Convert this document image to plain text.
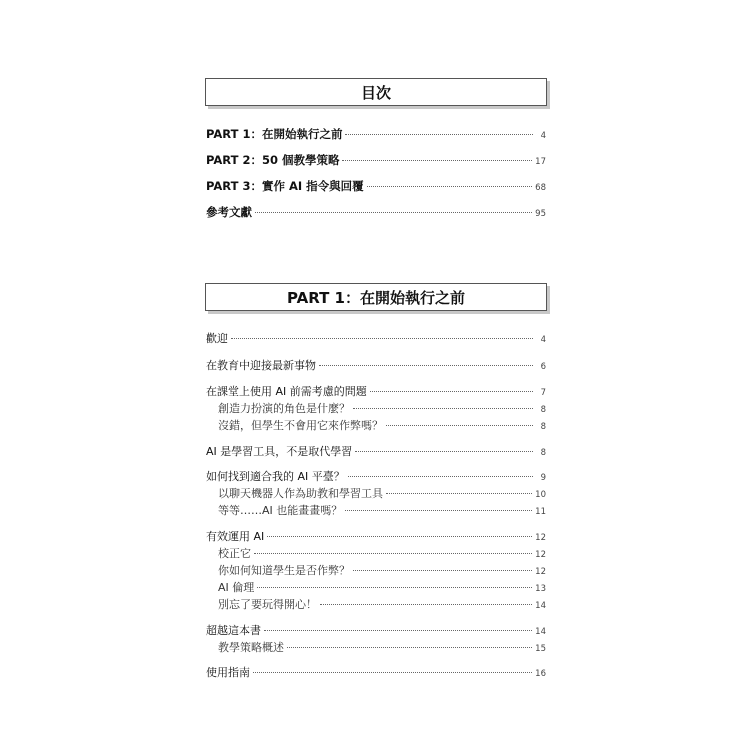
目次
PART 1：在開始執行之前	4
PART 2：50 個教學策略	17
PART 3：實作 AI 指令與回覆	68
參考文獻	95
PART 1：在開始執行之前
歡迎	4
在教育中迎接最新事物	6
在課堂上使用 AI 前需考慮的問題	7
創造力扮演的角色是什麼？	8
沒錯，但學生不會用它來作弊嗎？	8
AI 是學習工具，不是取代學習	8
如何找到適合我的 AI 平臺？	9
以聊天機器人作為助教和學習工具	10
等等……AI 也能畫畫嗎？	11
有效運用 AI	12
校正它	12
你如何知道學生是否作弊？	12
AI 倫理	13
別忘了要玩得開心！	14
超越這本書	14
教學策略概述	15
使用指南	16
